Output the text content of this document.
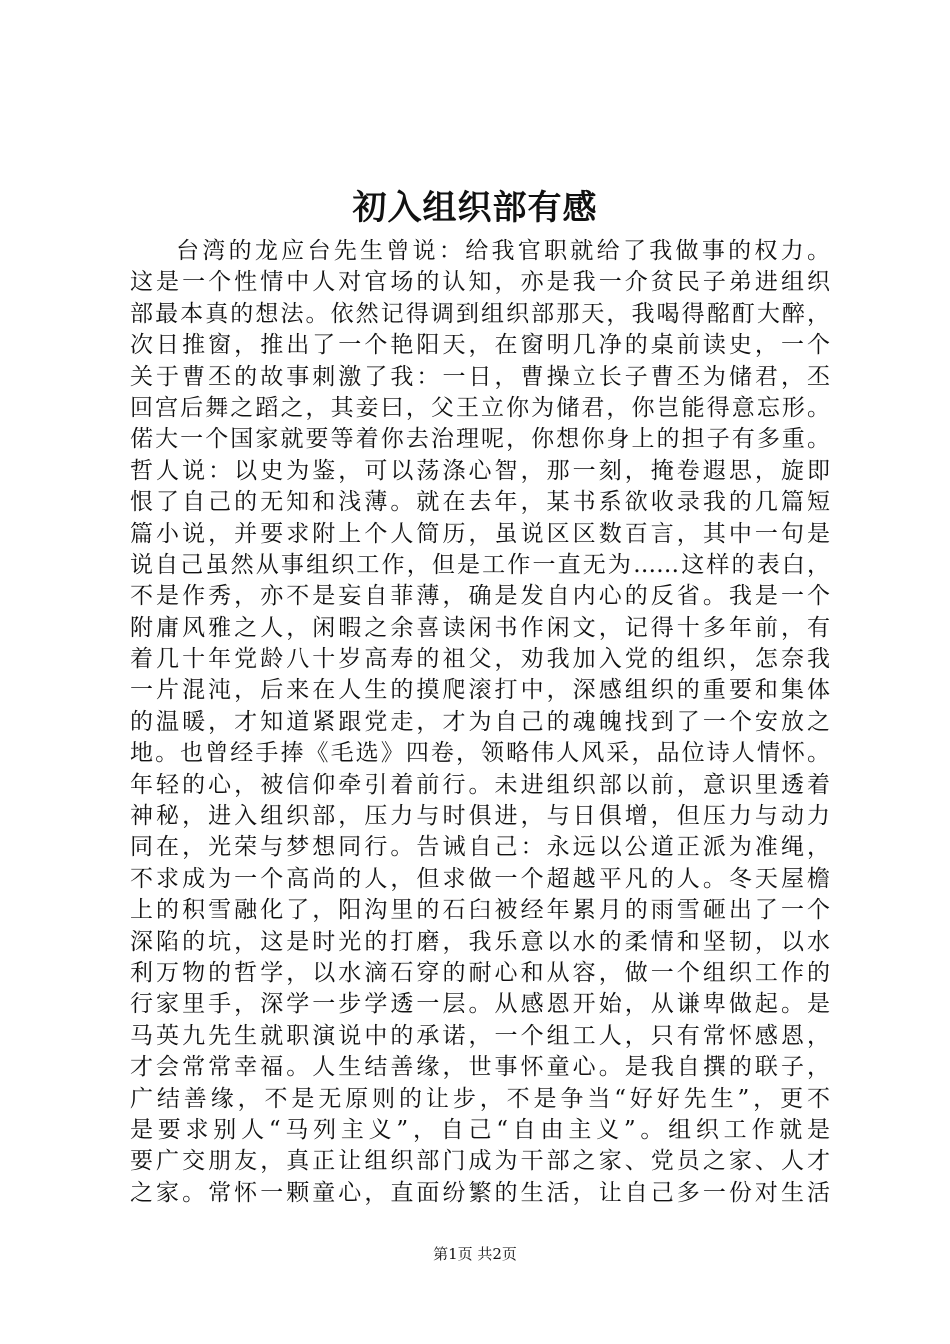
初入组织部有感
台湾的龙应台先生曾说：给我官职就给了我做事的权力。
这是一个性情中人对官场的认知，亦是我一介贫民子弟进组织
部最本真的想法。依然记得调到组织部那天，我喝得酩酊大醉，
次日推窗，推出了一个艳阳天，在窗明几净的桌前读史，一个
关于曹丕的故事刺激了我：一日，曹操立长子曹丕为储君，丕
回宫后舞之蹈之，其妾曰，父王立你为储君，你岂能得意忘形。
偌大一个国家就要等着你去治理呢，你想你身上的担子有多重。
哲人说：以史为鉴，可以荡涤心智，那一刻，掩卷遐思，旋即
恨了自己的无知和浅薄。就在去年，某书系欲收录我的几篇短
篇小说，并要求附上个人简历，虽说区区数百言，其中一句是
说自己虽然从事组织工作，但是工作一直无为……这样的表白，
不是作秀，亦不是妄自菲薄，确是发自内心的反省。我是一个
附庸风雅之人，闲暇之余喜读闲书作闲文，记得十多年前，有
着几十年党龄八十岁高寿的祖父，劝我加入党的组织，怎奈我
一片混沌，后来在人生的摸爬滚打中，深感组织的重要和集体
的温暖，才知道紧跟党走，才为自己的魂魄找到了一个安放之
地。也曾经手捧《毛选》四卷，领略伟人风采，品位诗人情怀。
年轻的心，被信仰牵引着前行。未进组织部以前，意识里透着
神秘，进入组织部，压力与时俱进，与日俱增，但压力与动力
同在，光荣与梦想同行。告诫自己：永远以公道正派为准绳，
不求成为一个高尚的人，但求做一个超越平凡的人。冬天屋檐
上的积雪融化了，阳沟里的石臼被经年累月的雨雪砸出了一个
深陷的坑，这是时光的打磨，我乐意以水的柔情和坚韧，以水
利万物的哲学，以水滴石穿的耐心和从容，做一个组织工作的
行家里手，深学一步学透一层。从感恩开始，从谦卑做起。是
马英九先生就职演说中的承诺，一个组工人，只有常怀感恩，
才会常常幸福。人生结善缘，世事怀童心。是我自撰的联子，
广结善缘，不是无原则的让步，不是争当“好好先生”，更不
是要求别人“马列主义”，自己“自由主义”。组织工作就是
要广交朋友，真正让组织部门成为干部之家、党员之家、人才
之家。常怀一颗童心，直面纷繁的生活，让自己多一份对生活
第1页 共2页
